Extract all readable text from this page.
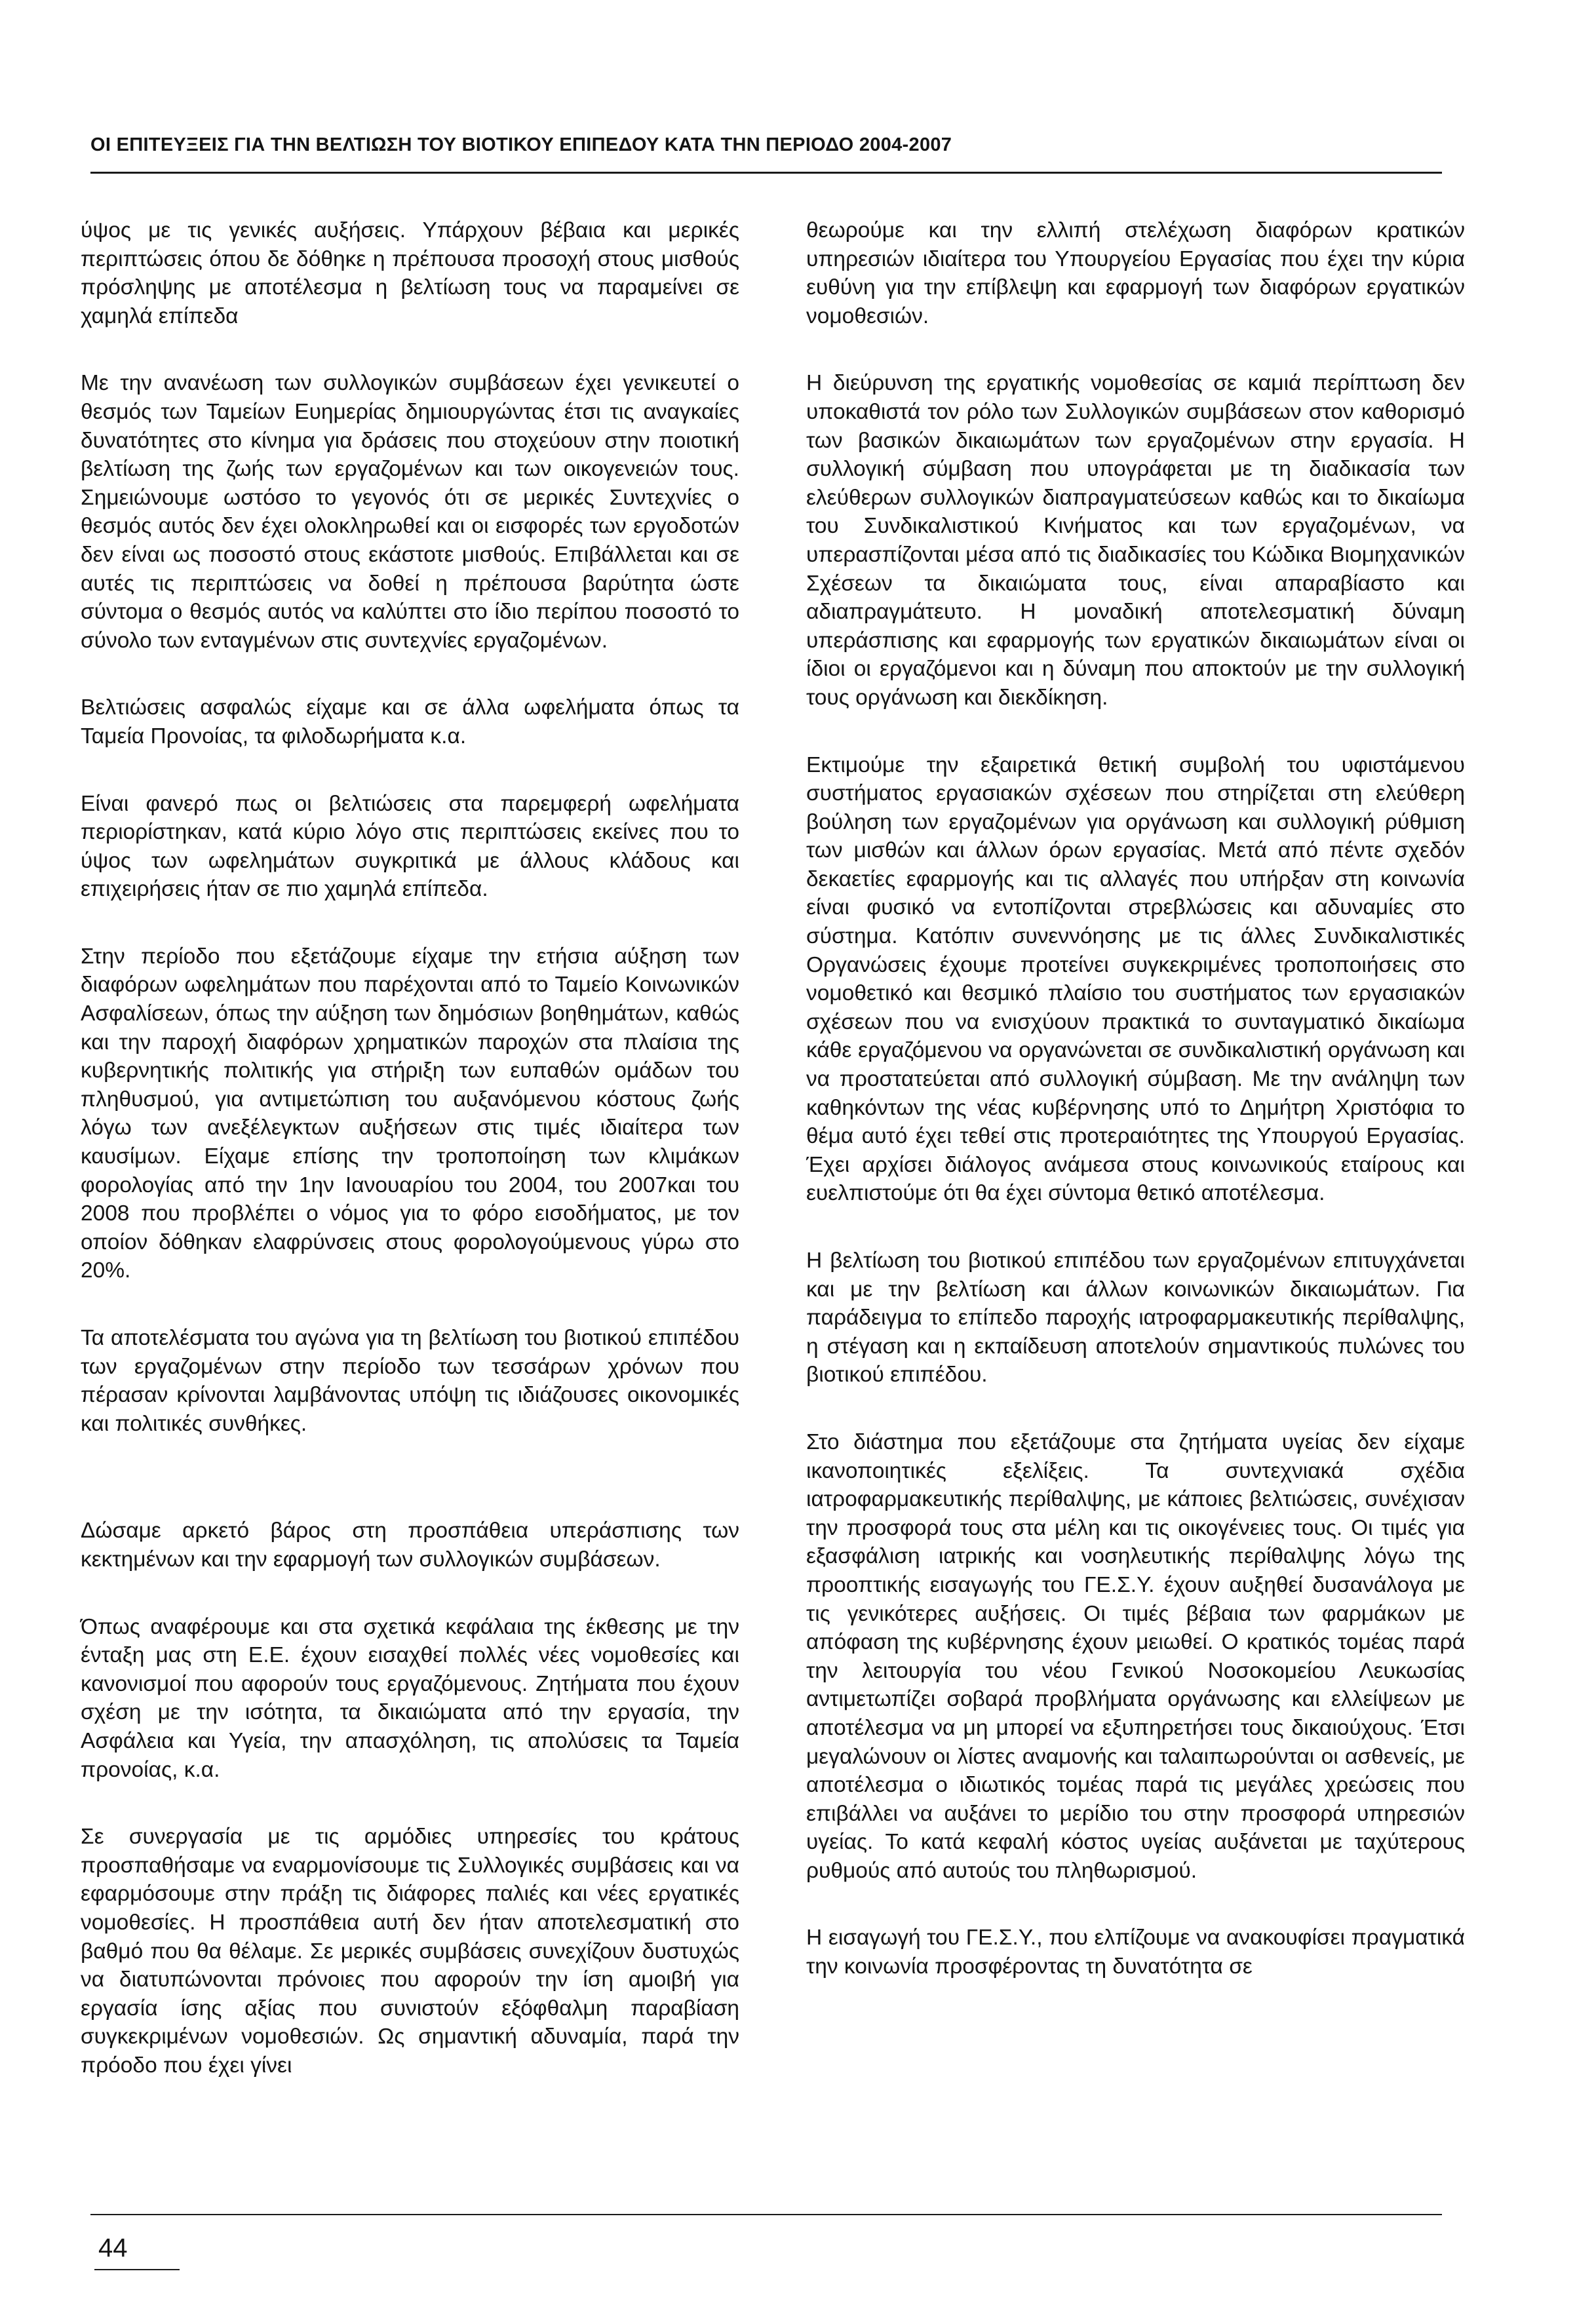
ΟΙ ΕΠΙΤΕΥΞΕΙΣ ΓΙΑ ΤΗΝ ΒΕΛΤΙΩΣΗ ΤΟΥ ΒΙΟΤΙΚΟΥ ΕΠΙΠΕΔΟΥ ΚΑΤΑ ΤΗΝ ΠΕΡΙΟΔΟ 2004-2007

ύψος με τις γενικές αυξήσεις. Υπάρχουν βέβαια και μερικές περιπτώσεις όπου δε δόθηκε η πρέπουσα προσοχή στους μισθούς πρόσληψης με αποτέλεσμα η βελτίωση τους να παραμείνει σε χαμηλά επίπεδα

Με την ανανέωση των συλλογικών συμβάσεων έχει γενικευτεί ο θεσμός των Ταμείων Ευημερίας δημιουργώντας έτσι τις αναγκαίες δυνατότητες στο κίνημα για δράσεις που στοχεύουν στην ποιοτική βελτίωση της ζωής των εργαζομένων και των οικογενειών τους. Σημειώνουμε ωστόσο το γεγονός ότι σε μερικές Συντεχνίες ο θεσμός αυτός δεν έχει ολοκληρωθεί και οι εισφορές των εργοδοτών δεν είναι ως ποσοστό στους εκάστοτε μισθούς. Επιβάλλεται και σε αυτές τις περιπτώσεις να δοθεί η πρέπουσα βαρύτητα ώστε σύντομα ο θεσμός αυτός να καλύπτει στο ίδιο περίπου ποσοστό το σύνολο των ενταγμένων στις συντεχνίες εργαζομένων.

Βελτιώσεις ασφαλώς είχαμε και σε άλλα ωφελήματα όπως τα Ταμεία Προνοίας, τα φιλοδωρήματα κ.α.

Είναι φανερό πως οι βελτιώσεις στα παρεμφερή ωφελήματα περιορίστηκαν, κατά κύριο λόγο στις περιπτώσεις εκείνες που το ύψος των ωφελημάτων συγκριτικά με άλλους κλάδους και επιχειρήσεις ήταν σε πιο χαμηλά επίπεδα.

Στην περίοδο που εξετάζουμε είχαμε την ετήσια αύξηση των διαφόρων ωφελημάτων που παρέχονται από το Ταμείο Κοινωνικών Ασφαλίσεων, όπως την αύξηση των δημόσιων βοηθημάτων, καθώς και την παροχή διαφόρων χρηματικών παροχών στα πλαίσια της κυβερνητικής πολιτικής για στήριξη των ευπαθών ομάδων του πληθυσμού, για αντιμετώπιση του αυξανόμενου κόστους ζωής λόγω των ανεξέλεγκτων αυξήσεων στις τιμές ιδιαίτερα των καυσίμων. Είχαμε επίσης την τροποποίηση των κλιμάκων φορολογίας από την 1ην Ιανουαρίου του 2004, του 2007και του 2008 που προβλέπει ο νόμος για το φόρο εισοδήματος, με τον οποίον δόθηκαν ελαφρύνσεις στους φορολογούμενους γύρω στο 20%.

Τα αποτελέσματα του αγώνα για τη βελτίωση του βιοτικού επιπέδου των εργαζομένων στην περίοδο των τεσσάρων χρόνων που πέρασαν κρίνονται λαμβάνοντας υπόψη τις ιδιάζουσες οικονομικές και πολιτικές συνθήκες.

Δώσαμε αρκετό βάρος στη προσπάθεια υπεράσπισης των κεκτημένων και την εφαρμογή των συλλογικών συμβάσεων.

Όπως αναφέρουμε και στα σχετικά κεφάλαια της έκθεσης με την ένταξη μας στη Ε.Ε. έχουν εισαχθεί πολλές νέες νομοθεσίες και κανονισμοί που αφορούν τους εργαζόμενους. Ζητήματα που έχουν σχέση με την ισότητα, τα δικαιώματα από την εργασία, την Ασφάλεια και Υγεία, την απασχόληση, τις απολύσεις τα Ταμεία προνοίας, κ.α.

Σε συνεργασία με τις αρμόδιες υπηρεσίες του κράτους προσπαθήσαμε να εναρμονίσουμε τις Συλλογικές συμβάσεις και να εφαρμόσουμε στην πράξη τις διάφορες παλιές και νέες εργατικές νομοθεσίες. Η προσπάθεια αυτή δεν ήταν αποτελεσματική στο βαθμό που θα θέλαμε. Σε μερικές συμβάσεις συνεχίζουν δυστυχώς να διατυπώνονται πρόνοιες που αφορούν την ίση αμοιβή για εργασία ίσης αξίας που συνιστούν εξόφθαλμη παραβίαση συγκεκριμένων νομοθεσιών. Ως σημαντική αδυναμία, παρά την πρόοδο που έχει γίνει

θεωρούμε και την ελλιπή στελέχωση διαφόρων κρατικών υπηρεσιών ιδιαίτερα του Υπουργείου Εργασίας που έχει την κύρια ευθύνη για την επίβλεψη και εφαρμογή των διαφόρων εργατικών νομοθεσιών.

Η διεύρυνση της εργατικής νομοθεσίας σε καμιά περίπτωση δεν υποκαθιστά τον ρόλο των Συλλογικών συμβάσεων στον καθορισμό των βασικών δικαιωμάτων των εργαζομένων στην εργασία. Η συλλογική σύμβαση που υπογράφεται με τη διαδικασία των ελεύθερων συλλογικών διαπραγματεύσεων καθώς και το δικαίωμα του Συνδικαλιστικού Κινήματος και των εργαζομένων, να υπερασπίζονται μέσα από τις διαδικασίες του Κώδικα Βιομηχανικών Σχέσεων τα δικαιώματα τους, είναι απαραβίαστο και αδιαπραγμάτευτο. Η μοναδική αποτελεσματική δύναμη υπεράσπισης και εφαρμογής των εργατικών δικαιωμάτων είναι οι ίδιοι οι εργαζόμενοι και η δύναμη που αποκτούν με την συλλογική τους οργάνωση και διεκδίκηση.

Εκτιμούμε την εξαιρετικά θετική συμβολή του υφιστάμενου συστήματος εργασιακών σχέσεων που στηρίζεται στη ελεύθερη βούληση των εργαζομένων για οργάνωση και συλλογική ρύθμιση των μισθών και άλλων όρων εργασίας. Μετά από πέντε σχεδόν δεκαετίες εφαρμογής και τις αλλαγές που υπήρξαν στη κοινωνία είναι φυσικό να εντοπίζονται στρεβλώσεις και αδυναμίες στο σύστημα. Κατόπιν συνεννόησης με τις άλλες Συνδικαλιστικές Οργανώσεις έχουμε προτείνει συγκεκριμένες τροποποιήσεις στο νομοθετικό και θεσμικό πλαίσιο του συστήματος των εργασιακών σχέσεων που να ενισχύουν πρακτικά το συνταγματικό δικαίωμα κάθε εργαζόμενου να οργανώνεται σε συνδικαλιστική οργάνωση και να προστατεύεται από συλλογική σύμβαση. Με την ανάληψη των καθηκόντων της νέας κυβέρνησης υπό το Δημήτρη Χριστόφια το θέμα αυτό έχει τεθεί στις προτεραιότητες της Υπουργού Εργασίας. Έχει αρχίσει διάλογος ανάμεσα στους κοινωνικούς εταίρους και ευελπιστούμε ότι θα έχει σύντομα θετικό αποτέλεσμα.

Η βελτίωση του βιοτικού επιπέδου των εργαζομένων επιτυγχάνεται και με την βελτίωση και άλλων κοινωνικών δικαιωμάτων. Για παράδειγμα το επίπεδο παροχής ιατροφαρμακευτικής περίθαλψης, η στέγαση και η εκπαίδευση αποτελούν σημαντικούς πυλώνες του βιοτικού επιπέδου.

Στο διάστημα που εξετάζουμε στα ζητήματα υγείας δεν είχαμε ικανοποιητικές εξελίξεις. Τα συντεχνιακά σχέδια ιατροφαρμακευτικής περίθαλψης, με κάποιες βελτιώσεις, συνέχισαν την προσφορά τους στα μέλη και τις οικογένειες τους. Οι τιμές για εξασφάλιση ιατρικής και νοσηλευτικής περίθαλψης λόγω της προοπτικής εισαγωγής του ΓΕ.Σ.Υ. έχουν αυξηθεί δυσανάλογα με τις γενικότερες αυξήσεις. Οι τιμές βέβαια των φαρμάκων με απόφαση της κυβέρνησης έχουν μειωθεί. Ο κρατικός τομέας παρά την λειτουργία του νέου Γενικού Νοσοκομείου Λευκωσίας αντιμετωπίζει σοβαρά προβλήματα οργάνωσης και ελλείψεων με αποτέλεσμα να μη μπορεί να εξυπηρετήσει τους δικαιούχους. Έτσι μεγαλώνουν οι λίστες αναμονής και ταλαιπωρούνται οι ασθενείς, με αποτέλεσμα ο ιδιωτικός τομέας παρά τις μεγάλες χρεώσεις που επιβάλλει να αυξάνει το μερίδιο του στην προσφορά υπηρεσιών υγείας. Το κατά κεφαλή κόστος υγείας αυξάνεται με ταχύτερους ρυθμούς από αυτούς του πληθωρισμού.

Η εισαγωγή του ΓΕ.Σ.Υ., που ελπίζουμε να ανακουφίσει πραγματικά την κοινωνία προσφέροντας τη δυνατότητα σε

44
